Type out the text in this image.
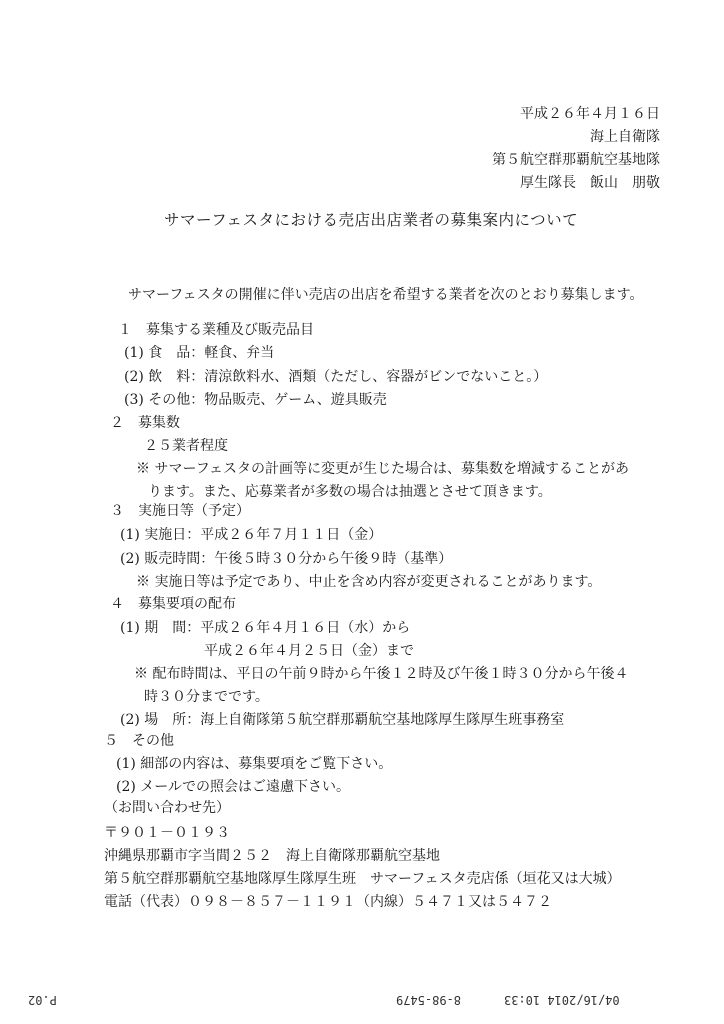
平成２６年４月１６日
海上自衛隊
第５航空群那覇航空基地隊
厚生隊長　飯山　朋敬
サマーフェスタにおける売店出店業者の募集案内について
サマーフェスタの開催に伴い売店の出店を希望する業者を次のとおり募集します。
１　募集する業種及び販売品目
(1) 食　品：軽食、弁当
(2) 飲　料：清涼飲料水、酒類（ただし、容器がビンでないこと。）
(3) その他：物品販売、ゲーム、遊具販売
２　募集数
２５業者程度
※ サマーフェスタの計画等に変更が生じた場合は、募集数を増減することがあ
ります。また、応募業者が多数の場合は抽選とさせて頂きます。
３　実施日等（予定）
(1) 実施日：平成２６年７月１１日（金）
(2) 販売時間：午後５時３０分から午後９時（基準）
※ 実施日等は予定であり、中止を含め内容が変更されることがあります。
４　募集要項の配布
(1) 期　間：平成２６年４月１６日（水）から
平成２６年４月２５日（金）まで
※ 配布時間は、平日の午前９時から午後１２時及び午後１時３０分から午後４
時３０分までです。
(2) 場　所：海上自衛隊第５航空群那覇航空基地隊厚生隊厚生班事務室
５　その他
(1) 細部の内容は、募集要項をご覧下さい。
(2) メールでの照会はご遠慮下さい。
（お問い合わせ先）
〒９０１－０１９３
沖縄県那覇市字当間２５２　海上自衛隊那覇航空基地
第５航空群那覇航空基地隊厚生隊厚生班　サマーフェスタ売店係（垣花又は大城）
電話（代表）０９８－８５７－１１９１（内線）５４７１又は５４７２
04/16/2014 10:33
8-98-5479
P.02
